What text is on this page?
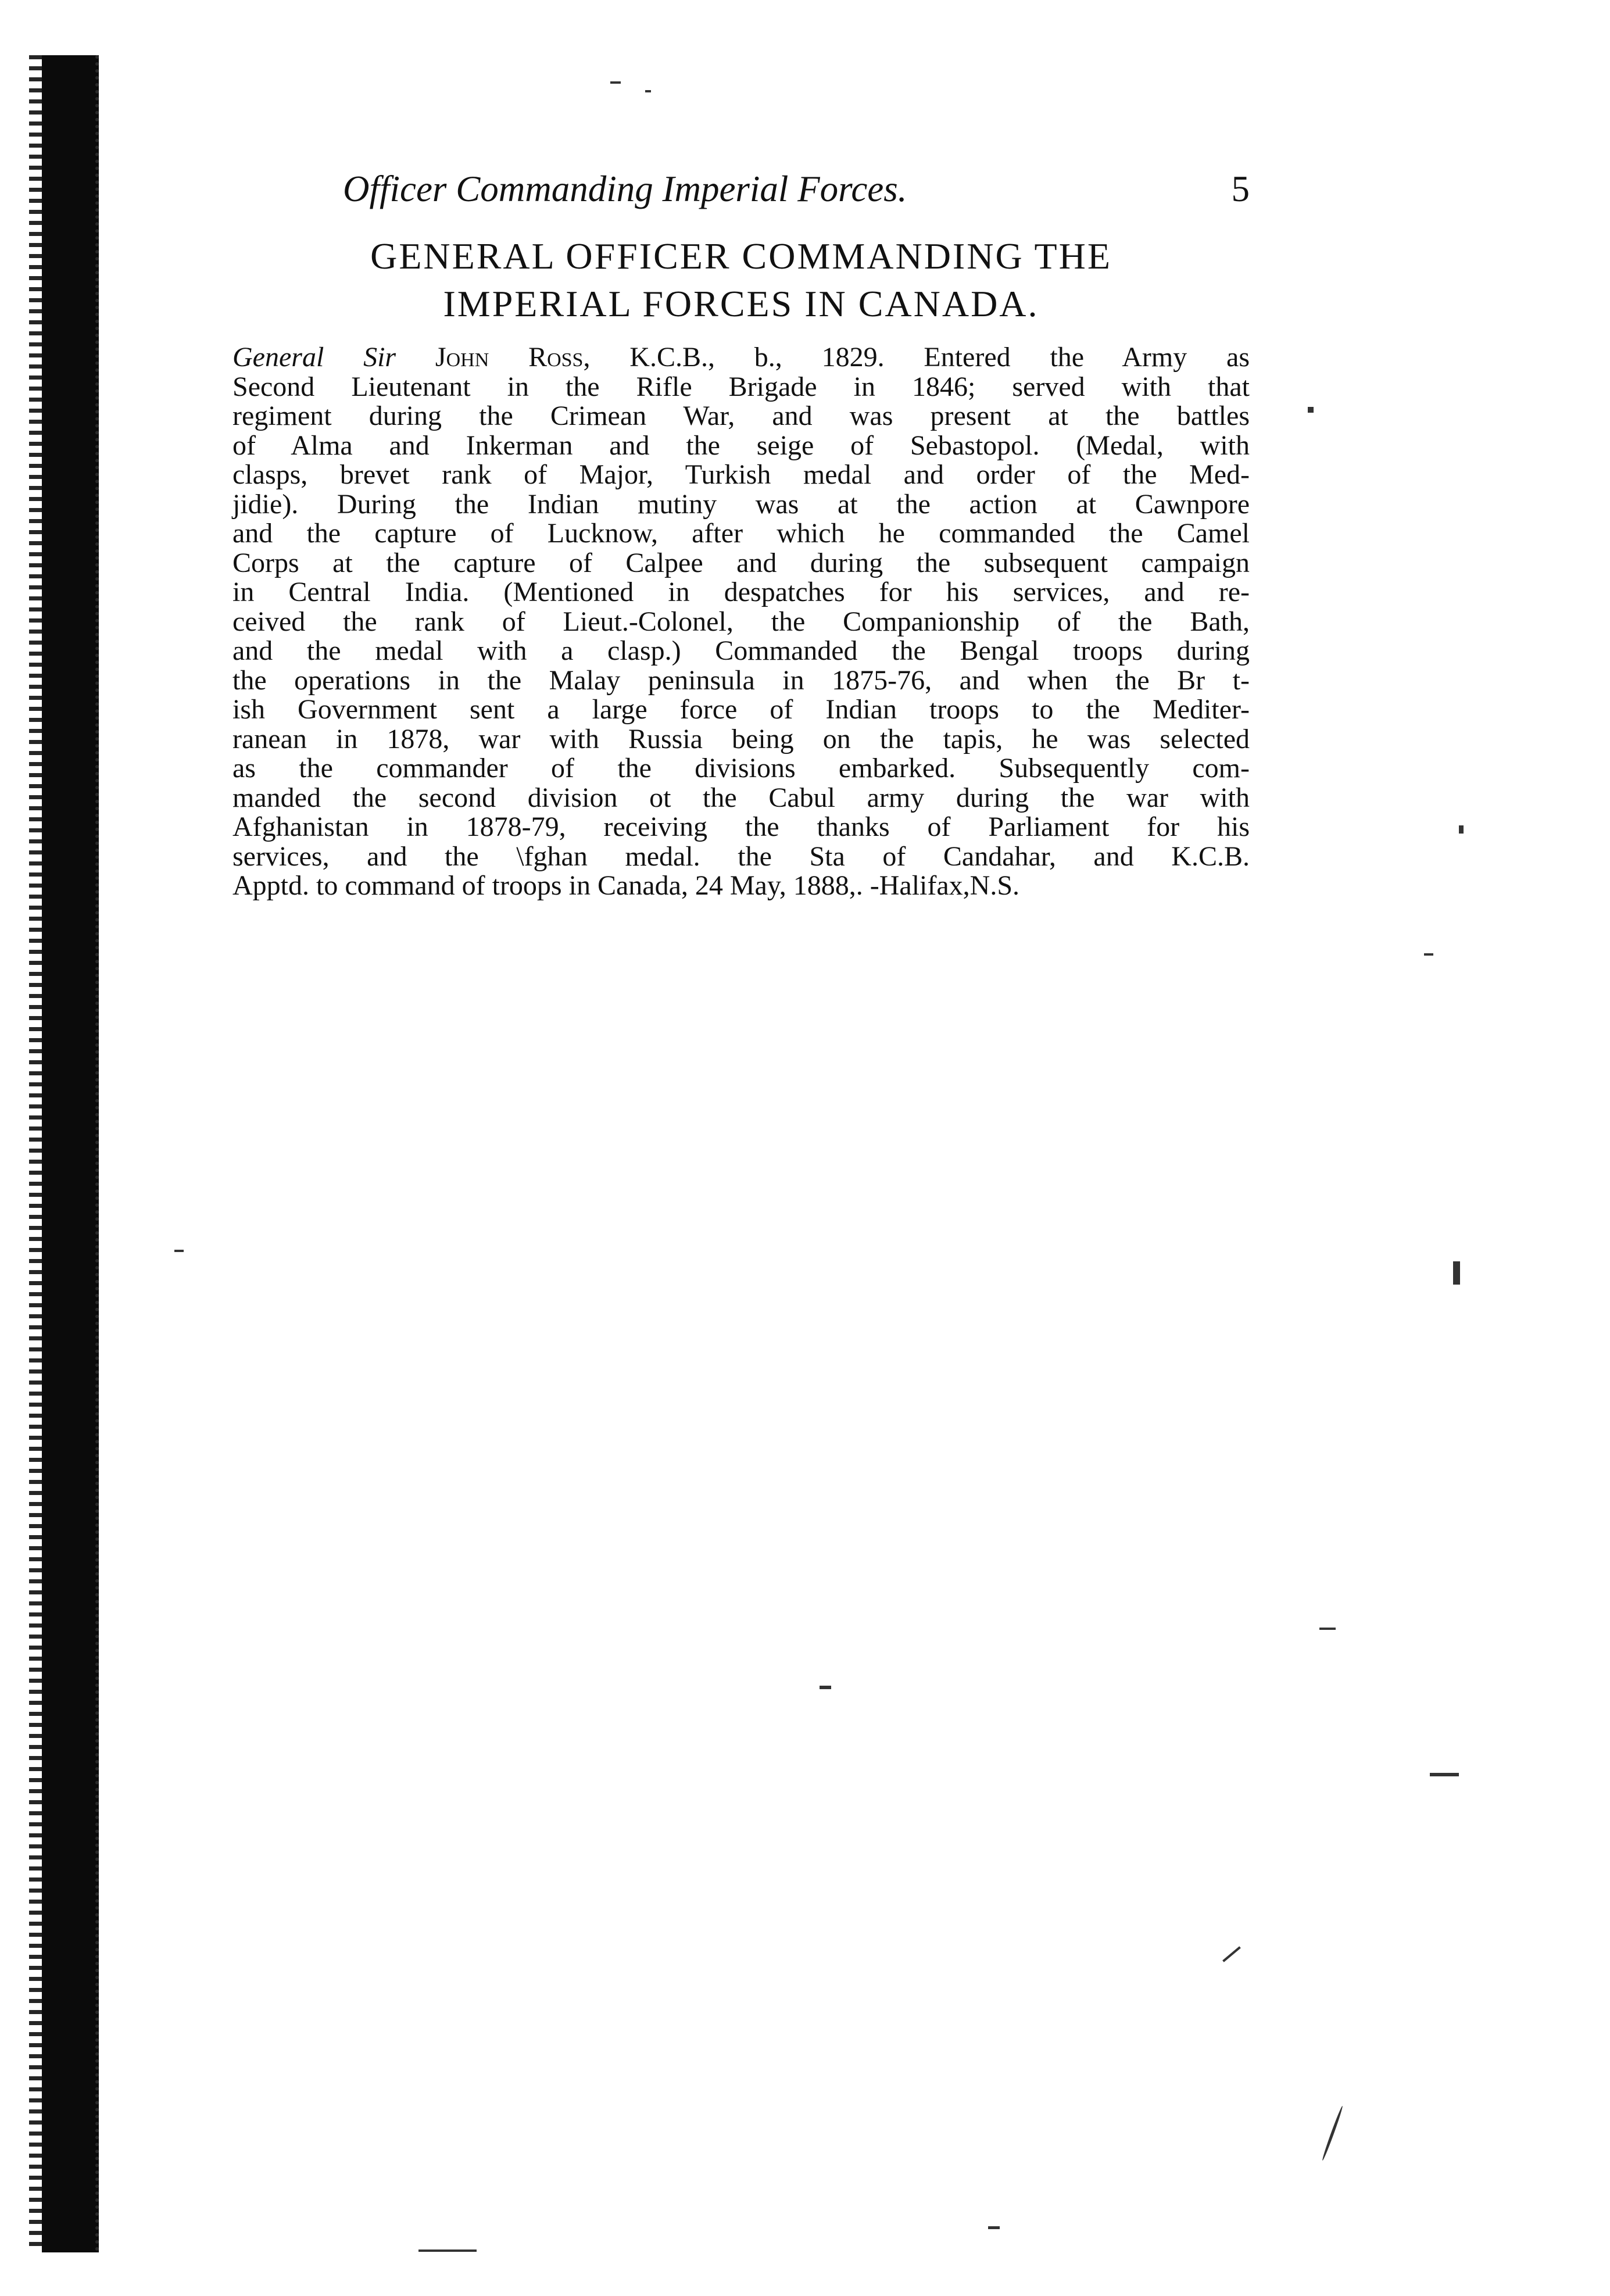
Officer Commanding Imperial Forces.	5
GENERAL OFFICER COMMANDING THE
IMPERIAL FORCES IN CANADA.
General Sir John Ross, K.C.B., b., 1829. Entered the Army as
Second Lieutenant in the Rifle Brigade in 1846; served with that
regiment during the Crimean War, and was present at the battles
of Alma and Inkerman and the seige of Sebastopol. (Medal, with
clasps, brevet rank of Major, Turkish medal and order of the Med-
jidie). During the Indian mutiny was at the action at Cawnpore
and the capture of Lucknow, after which he commanded the Camel
Corps at the capture of Calpee and during the subsequent campaign
in Central India. (Mentioned in despatches for his services, and re-
ceived the rank of Lieut.-Colonel, the Companionship of the Bath,
and the medal with a clasp.) Commanded the Bengal troops during
the operations in the Malay peninsula in 1875-76, and when the Br t-
ish Government sent a large force of Indian troops to the Mediter-
ranean in 1878, war with Russia being on the tapis, he was selected
as the commander of the divisions embarked. Subsequently com-
manded the second division ot the Cabul army during the war with
Afghanistan in 1878-79, receiving the thanks of Parliament for his
services, and the \fghan medal. the Sta of Candahar, and K.C.B.
Apptd. to command of troops in Canada, 24 May, 1888,. -Halifax,N.S.
